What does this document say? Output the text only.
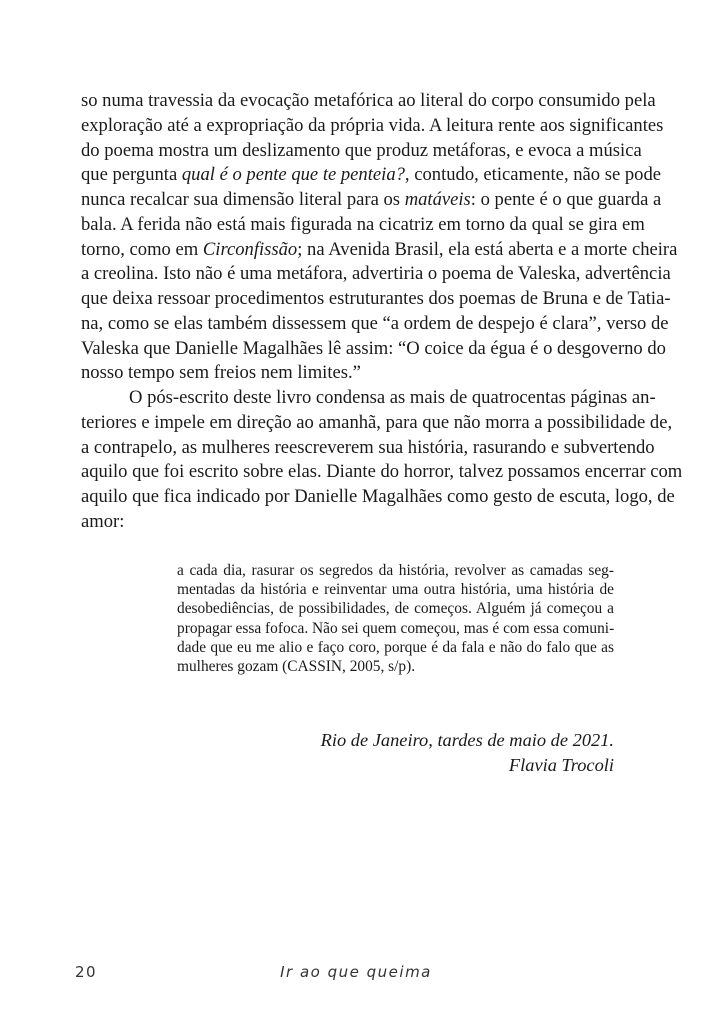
so numa travessia da evocação metafórica ao literal do corpo consumido pela
exploração até a expropriação da própria vida. A leitura rente aos significantes
do poema mostra um deslizamento que produz metáforas, e evoca a música
que pergunta qual é o pente que te penteia?, contudo, eticamente, não se pode
nunca recalcar sua dimensão literal para os matáveis: o pente é o que guarda a
bala. A ferida não está mais figurada na cicatriz em torno da qual se gira em
torno, como em Circonfissão; na Avenida Brasil, ela está aberta e a morte cheira
a creolina. Isto não é uma metáfora, advertiria o poema de Valeska, advertência
que deixa ressoar procedimentos estruturantes dos poemas de Bruna e de Tatia-
na, como se elas também dissessem que “a ordem de despejo é clara”, verso de
Valeska que Danielle Magalhães lê assim: “O coice da égua é o desgoverno do
nosso tempo sem freios nem limites.”
O pós-escrito deste livro condensa as mais de quatrocentas páginas an-
teriores e impele em direção ao amanhã, para que não morra a possibilidade de,
a contrapelo, as mulheres reescreverem sua história, rasurando e subvertendo
aquilo que foi escrito sobre elas. Diante do horror, talvez possamos encerrar com
aquilo que fica indicado por Danielle Magalhães como gesto de escuta, logo, de
amor:
a cada dia, rasurar os segredos da história, revolver as camadas seg-
mentadas da história e reinventar uma outra história, uma história de
desobediências, de possibilidades, de começos. Alguém já começou a
propagar essa fofoca. Não sei quem começou, mas é com essa comuni-
dade que eu me alio e faço coro, porque é da fala e não do falo que as
mulheres gozam (CASSIN, 2005, s/p).
Rio de Janeiro, tardes de maio de 2021.
Flavia Trocoli
20	Ir ao que queima
